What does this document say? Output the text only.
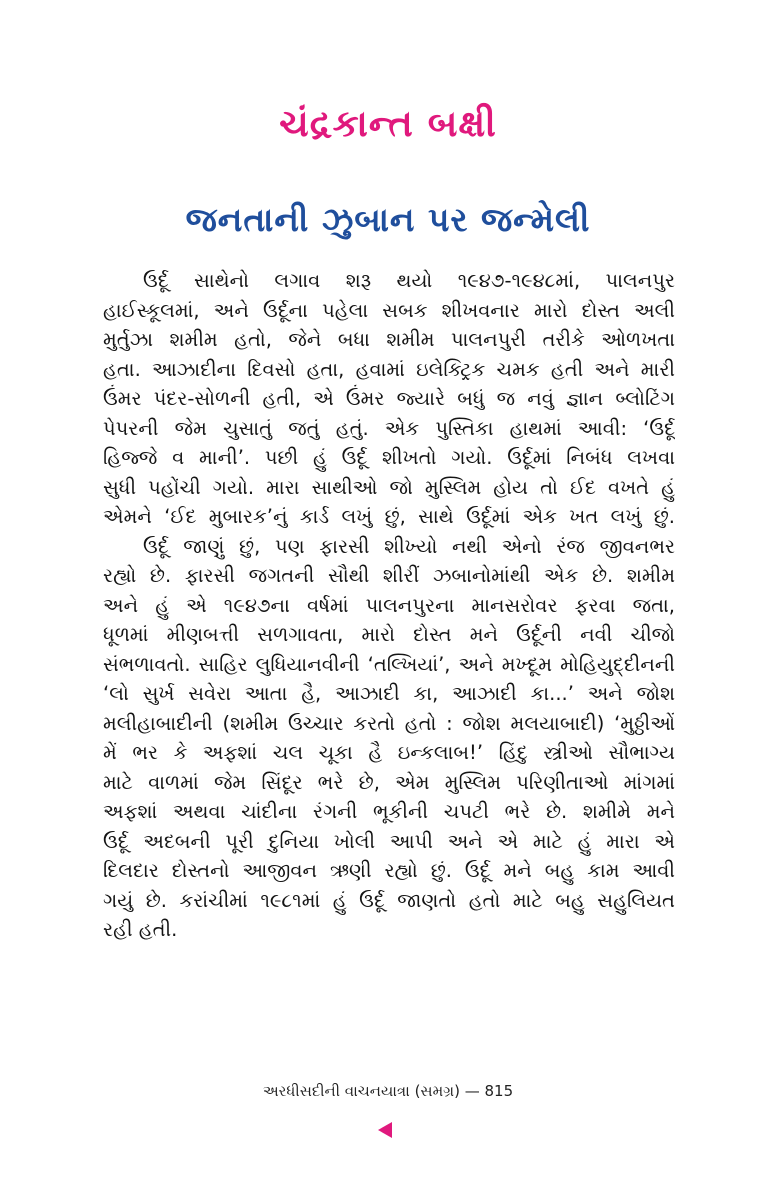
ચંદ્રકાન્ત બક્ષી
જનતાની ઝુબાન પર જન્મેલી
ઉર્દૂ સાથેનો લગાવ શરૂ થયો ૧૯૪૭-૧૯૪૮માં, પાલનપુર
હાઈસ્કૂલમાં, અને ઉર્દૂના પહેલા સબક શીખવનાર મારો દોસ્ત અલી
મુર્તુઝા શમીમ હતો, જેને બધા શમીમ પાલનપુરી તરીકે ઓળખતા
હતા. આઝાદીના દિવસો હતા, હવામાં ઇલેક્ટ્રિક ચમક હતી અને મારી
ઉંમર પંદર-સોળની હતી, એ ઉંમર જ્યારે બધું જ નવું જ્ઞાન બ્લોટિંગ
પેપરની જેમ ચુસાતું જતું હતું. એક પુસ્તિકા હાથમાં આવી: ‘ઉર્દૂ
હિજ્જે વ માની’. પછી હું ઉર્દૂ શીખતો ગયો. ઉર્દૂમાં નિબંધ લખવા
સુધી પહોંચી ગયો. મારા સાથીઓ જો મુસ્લિમ હોય તો ઈદ વખતે હું
એમને ‘ઈદ મુબારક’નું કાર્ડ લખું છું, સાથે ઉર્દૂમાં એક ખત લખું છું.
ઉર્દૂ જાણું છું, પણ ફારસી શીખ્યો નથી એનો રંજ જીવનભર
રહ્યો છે. ફારસી જગતની સૌથી શીરીં ઝબાનોમાંથી એક છે. શમીમ
અને હું એ ૧૯૪૭ના વર્ષમાં પાલનપુરના માનસરોવર ફરવા જતા,
ધૂળમાં મીણબત્તી સળગાવતા, મારો દોસ્ત મને ઉર્દૂની નવી ચીજો
સંભળાવતો. સાહિર લુધિયાનવીની ‘તલ્ખિયાં’, અને મખ્દૂમ મોહિયુદ્દીનની
‘લો સુર્ખ સવેરા આતા હૈ, આઝાદી કા, આઝાદી કા...’ અને જોશ
મલીહાબાદીની (શમીમ ઉચ્ચાર કરતો હતો : જોશ મલયાબાદી) ‘મુઠ્ઠીઓં
મેં ભર કે અફશાં ચલ ચૂકા હૈ ઇન્કલાબ!’ હિંદુ સ્ત્રીઓ સૌભાગ્ય
માટે વાળમાં જેમ સિંદૂર ભરે છે, એમ મુસ્લિમ પરિણીતાઓ માંગમાં
અફશાં અથવા ચાંદીના રંગની ભૂકીની ચપટી ભરે છે. શમીમે મને
ઉર્દૂ અદબની પૂરી દુનિયા ખોલી આપી અને એ માટે હું મારા એ
દિલદાર દોસ્તનો આજીવન ઋણી રહ્યો છું. ઉર્દૂ મને બહુ કામ આવી
ગયું છે. કરાંચીમાં ૧૯૮૧માં હું ઉર્દૂ જાણતો હતો માટે બહુ સહુલિયત
રહી હતી.
અરધીસદીની વાચનયાત્રા (સમગ્ર) — 815
